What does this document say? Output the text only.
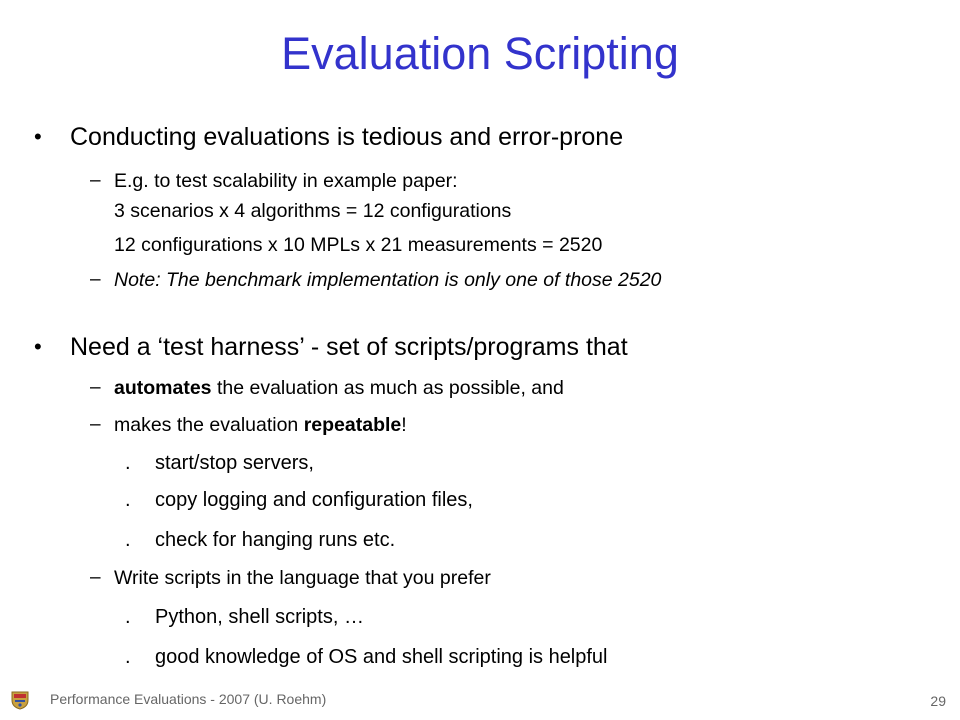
Evaluation Scripting
• Conducting evaluations is tedious and error-prone
– E.g. to test scalability in example paper:
3 scenarios x 4 algorithms = 12 configurations
12 configurations x 10 MPLs x 21 measurements = 2520
– Note: The benchmark implementation is only one of those 2520
• Need a ‘test harness’ - set of scripts/programs that
– automates the evaluation as much as possible, and
– makes the evaluation repeatable!
. start/stop servers,
. copy logging and configuration files,
. check for hanging runs etc.
– Write scripts in the language that you prefer
. Python, shell scripts, …
. good knowledge of OS and shell scripting is helpful
Performance Evaluations - 2007 (U. Roehm)	29
